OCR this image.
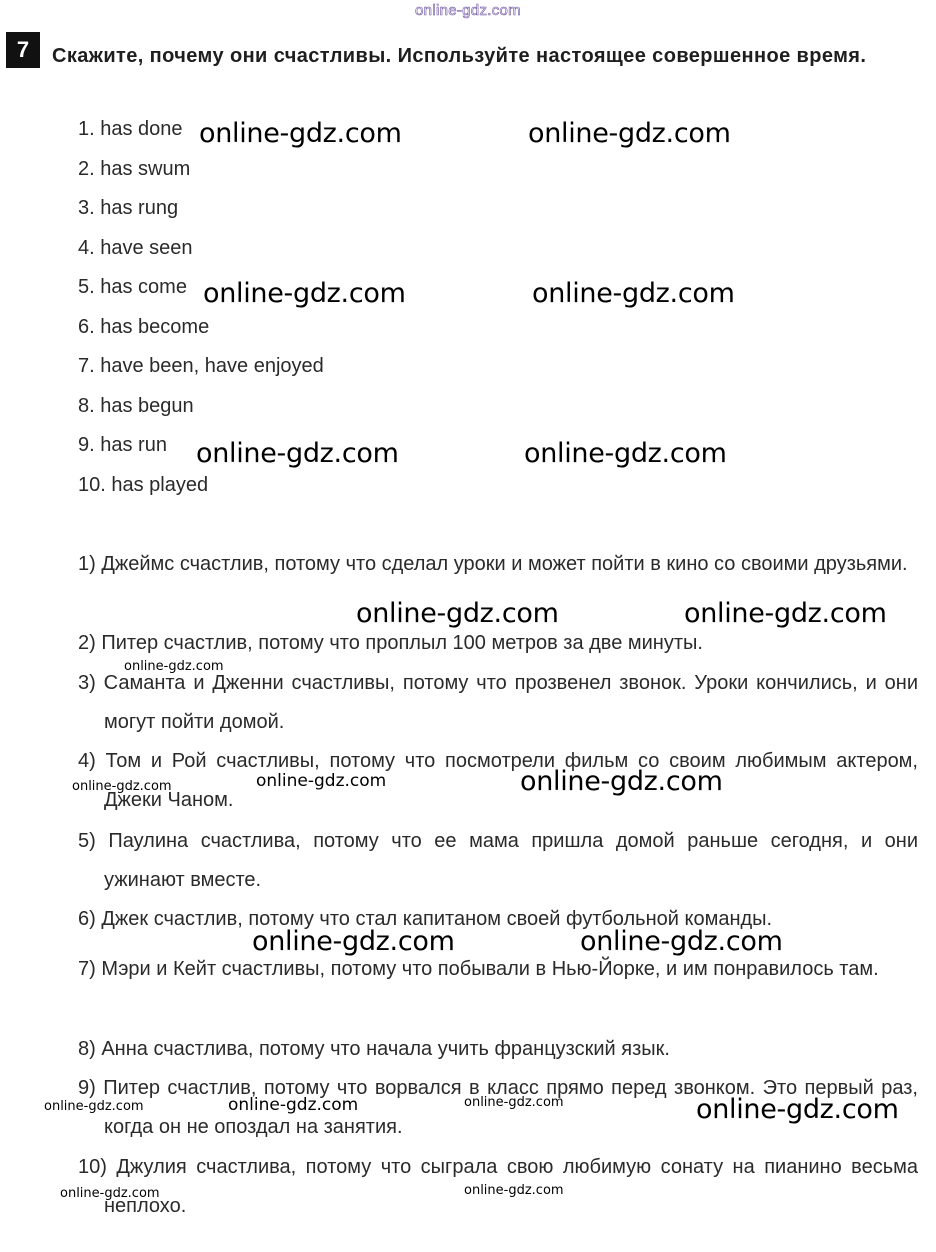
online-gdz.com
7	Скажите, почему они счастливы. Используйте настоящее совершенное время.
1. has done
2. has swum
3. has rung
4. have seen
5. has come
6. has become
7. have been, have enjoyed
8. has begun
9. has run
10. has played
1) Джеймс счастлив, потому что сделал уроки и может пойти в кино со своими друзьями.
2) Питер счастлив, потому что проплыл 100 метров за две минуты.
3) Саманта и Дженни счастливы, потому что прозвенел звонок. Уроки кончились, и они могут пойти домой.
4) Том и Рой счастливы, потому что посмотрели фильм со своим любимым актером, Джеки Чаном.
5) Паулина счастлива, потому что ее мама пришла домой раньше сегодня, и они ужинают вместе.
6) Джек счастлив, потому что стал капитаном своей футбольной команды.
7) Мэри и Кейт счастливы, потому что побывали в Нью-Йорке, и им понравилось там.
8) Анна счастлива, потому что начала учить французский язык.
9) Питер счастлив, потому что ворвался в класс прямо перед звонком. Это первый раз, когда он не опоздал на занятия.
10) Джулия счастлива, потому что сыграла свою любимую сонату на пианино весьма неплохо.
online-gdz.com	online-gdz.com
online-gdz.com	online-gdz.com
online-gdz.com	online-gdz.com
online-gdz.com	online-gdz.com
online-gdz.com
online-gdz.com	online-gdz.com
online-gdz.com
online-gdz.com
online-gdz.com	online-gdz.com
online-gdz.com	online-gdz.com	online-gdz.com
online-gdz.com	online-gdz.com
